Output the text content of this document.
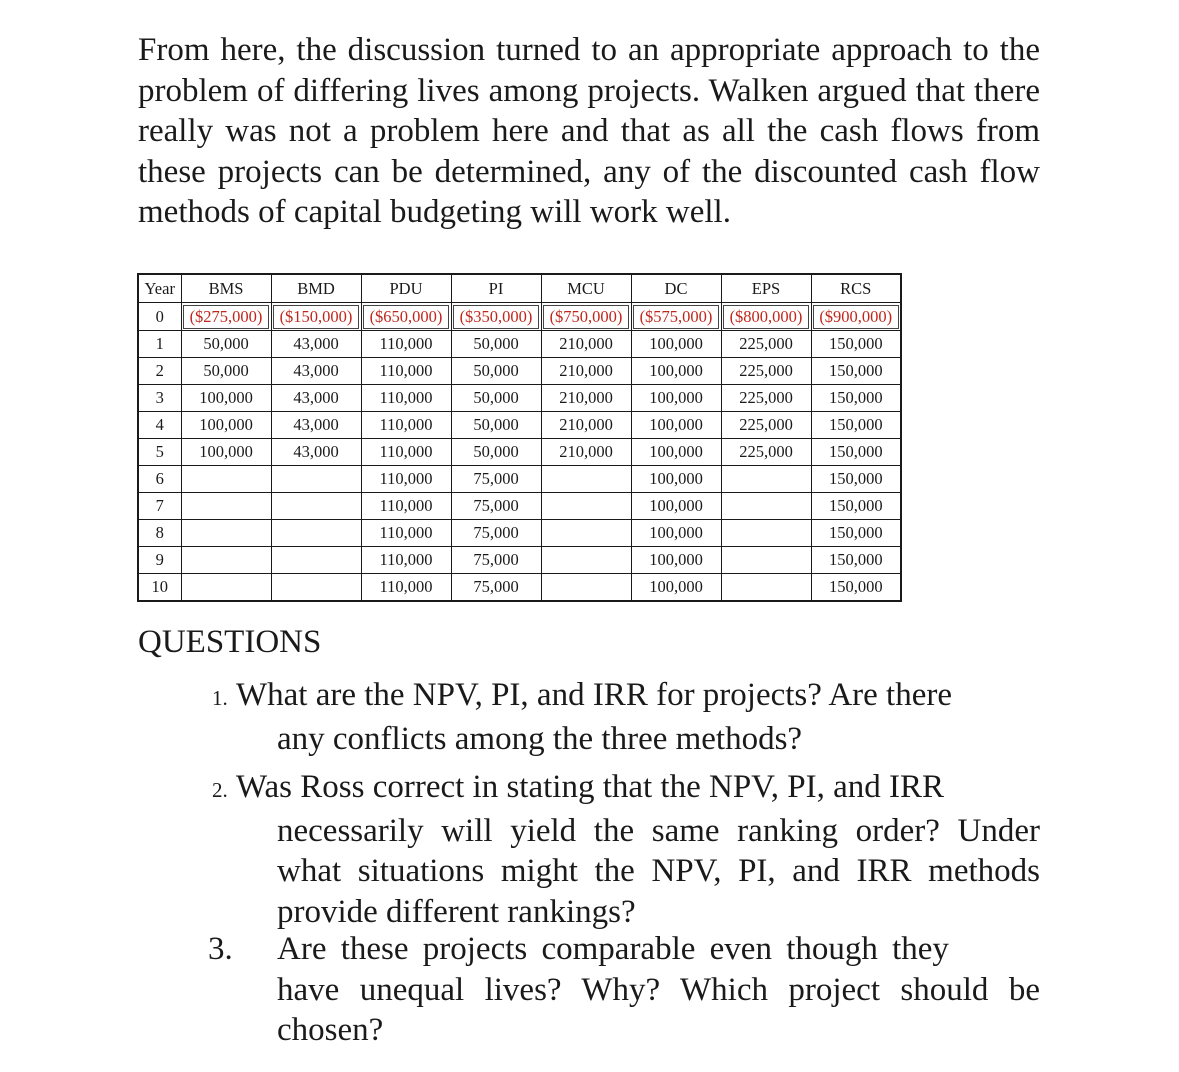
From here, the discussion turned to an appropriate approach to the problem of differing lives among projects. Walken argued that there really was not a problem here and that as all the cash flows from these projects can be determined, any of the discounted cash flow methods of capital budgeting will work well.

Year	BMS	BMD	PDU	PI	MCU	DC	EPS	RCS
0	($275,000)	($150,000)	($650,000)	($350,000)	($750,000)	($575,000)	($800,000)	($900,000)
1	50,000	43,000	110,000	50,000	210,000	100,000	225,000	150,000
2	50,000	43,000	110,000	50,000	210,000	100,000	225,000	150,000
3	100,000	43,000	110,000	50,000	210,000	100,000	225,000	150,000
4	100,000	43,000	110,000	50,000	210,000	100,000	225,000	150,000
5	100,000	43,000	110,000	50,000	210,000	100,000	225,000	150,000
6			110,000	75,000		100,000		150,000
7			110,000	75,000		100,000		150,000
8			110,000	75,000		100,000		150,000
9			110,000	75,000		100,000		150,000
10			110,000	75,000		100,000		150,000
QUESTIONS

1. What are the NPV, PI, and IRR for projects? Are there
any conflicts among the three methods?

2. Was Ross correct in stating that the NPV, PI, and IRR
necessarily will yield the same ranking order? Under what situations might the NPV, PI, and IRR methods provide different rankings?

3. Are these projects comparable even though they
have unequal lives? Why? Which project should be chosen?
